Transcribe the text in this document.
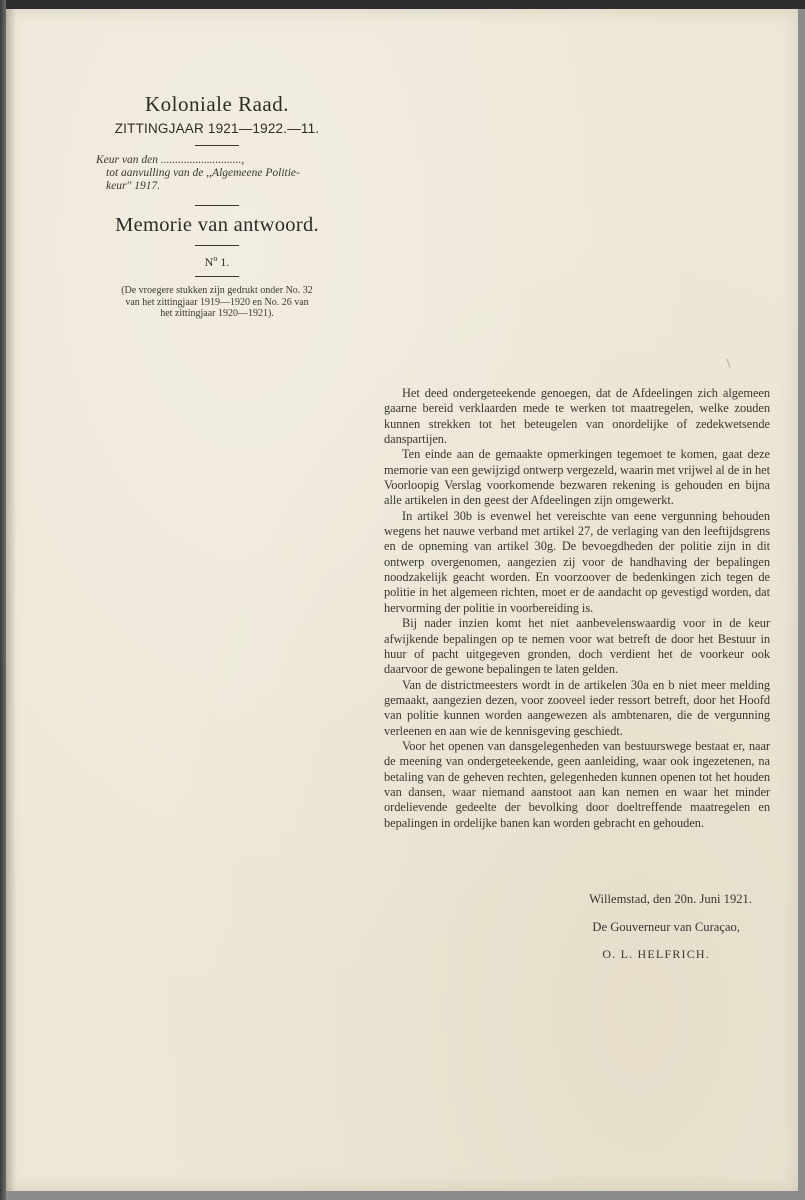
Koloniale Raad.
ZITTINGJAAR 1921—1922.—11.
Keur van den ............................,
tot aanvulling van de ,,Algemeene Politie-
keur'' 1917.
Memorie van antwoord.
$N^o$ 1.
(De vroegere stukken zijn gedrukt onder No. 32
van het zittingjaar 1919—1920 en No. 26 van
het zittingjaar 1920—1921).

Het deed ondergeteekende genoegen, dat de Afdeelingen zich algemeen gaarne bereid verklaarden mede te werken tot maatregelen, welke zouden kunnen strekken tot het beteugelen van onordelijke of zedekwetsende danspartijen.

Ten einde aan de gemaakte opmerkingen tegemoet te komen, gaat deze memorie van een gewijzigd ontwerp vergezeld, waarin met vrijwel al de in het Voorloopig Verslag voorkomende bezwaren rekening is gehouden en bijna alle artikelen in den geest der Afdeelingen zijn omgewerkt.

In artikel 30b is evenwel het vereischte van eene vergunning behouden wegens het nauwe verband met artikel 27, de verlaging van den leeftijdsgrens en de opneming van artikel 30g. De bevoegdheden der politie zijn in dit ontwerp overgenomen, aangezien zij voor de handhaving der bepalingen noodzakelijk geacht worden. En voorzoover de bedenkingen zich tegen de politie in het algemeen richten, moet er de aandacht op gevestigd worden, dat hervorming der politie in voorbereiding is.

Bij nader inzien komt het niet aanbevelenswaardig voor in de keur afwijkende bepalingen op te nemen voor wat betreft de door het Bestuur in huur of pacht uitgegeven gronden, doch verdient het de voorkeur ook daarvoor de gewone bepalingen te laten gelden.

Van de districtmeesters wordt in de artikelen 30a en b niet meer melding gemaakt, aangezien dezen, voor zooveel ieder ressort betreft, door het Hoofd van politie kunnen worden aangewezen als ambtenaren, die de vergunning verleenen en aan wie de kennisgeving geschiedt.

Voor het openen van dansgelegenheden van bestuurswege bestaat er, naar de meening van ondergeteekende, geen aanleiding, waar ook ingezetenen, na betaling van de geheven rechten, gelegenheden kunnen openen tot het houden van dansen, waar niemand aanstoot aan kan nemen en waar het minder ordelievende gedeelte der bevolking door doeltreffende maatregelen en bepalingen in ordelijke banen kan worden gebracht en gehouden.

Willemstad, den 20n. Juni 1921.
De Gouverneur van Curaçao,
O. L. HELFRICH.
